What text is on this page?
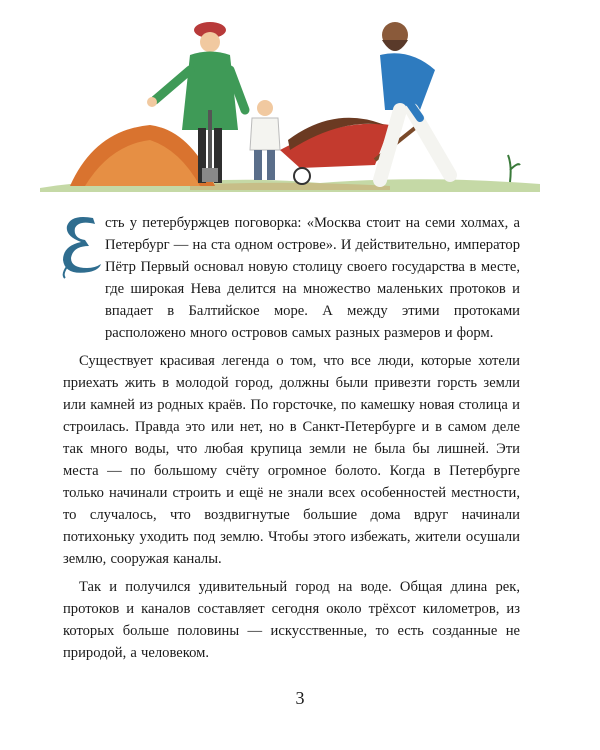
сть у петербуржцев поговорка: «Москва стоит на семи холмах, а Петербург — на ста одном острове». И действительно, император Пётр Первый основал новую столицу своего государства в месте, где широкая Нева делится на множество маленьких протоков и впадает в Балтийское море. А между этими протоками расположено много островов самых разных размеров и форм.

Существует красивая легенда о том, что все люди, которые хотели приехать жить в молодой город, должны были привезти горсть земли или камней из родных краёв. По горсточке, по камешку новая столица и строилась. Правда это или нет, но в Санкт-Петербурге и в самом деле так много воды, что любая крупица земли не была бы лишней. Эти места — по большому счёту огромное болото. Когда в Петербурге только начинали строить и ещё не знали всех особенностей местности, то случалось, что воздвигнутые большие дома вдруг начинали потихоньку уходить под землю. Чтобы этого избежать, жители осушали землю, сооружая каналы.

Так и получился удивительный город на воде. Общая длина рек, протоков и каналов составляет сегодня около трёхсот километров, из которых больше половины — искусственные, то есть созданные не природой, а человеком.

3
